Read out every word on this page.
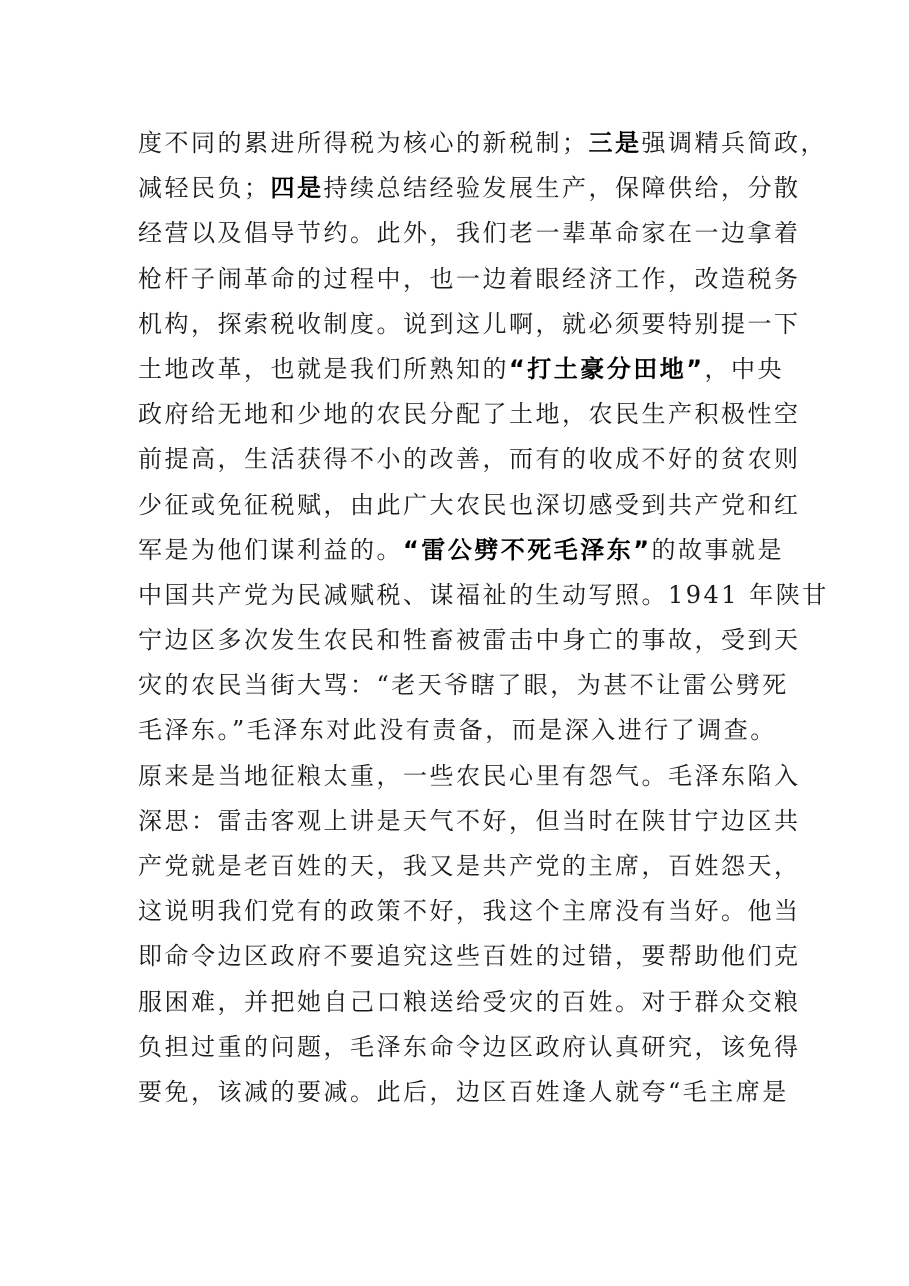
度不同的累进所得税为核心的新税制；三是强调精兵简政，
减轻民负；四是持续总结经验发展生产，保障供给，分散
经营以及倡导节约。此外，我们老一辈革命家在一边拿着
枪杆子闹革命的过程中，也一边着眼经济工作，改造税务
机构，探索税收制度。说到这儿啊，就必须要特别提一下
土地改革，也就是我们所熟知的“打土豪分田地”，中央
政府给无地和少地的农民分配了土地，农民生产积极性空
前提高，生活获得不小的改善，而有的收成不好的贫农则
少征或免征税赋，由此广大农民也深切感受到共产党和红
军是为他们谋利益的。“雷公劈不死毛泽东”的故事就是
中国共产党为民减赋税、谋福祉的生动写照。1941 年陕甘
宁边区多次发生农民和牲畜被雷击中身亡的事故，受到天
灾的农民当街大骂：“老天爷瞎了眼，为甚不让雷公劈死
毛泽东。”毛泽东对此没有责备，而是深入进行了调查。
原来是当地征粮太重，一些农民心里有怨气。毛泽东陷入
深思：雷击客观上讲是天气不好，但当时在陕甘宁边区共
产党就是老百姓的天，我又是共产党的主席，百姓怨天，
这说明我们党有的政策不好，我这个主席没有当好。他当
即命令边区政府不要追究这些百姓的过错，要帮助他们克
服困难，并把她自己口粮送给受灾的百姓。对于群众交粮
负担过重的问题，毛泽东命令边区政府认真研究，该免得
要免，该减的要减。此后，边区百姓逢人就夸“毛主席是
